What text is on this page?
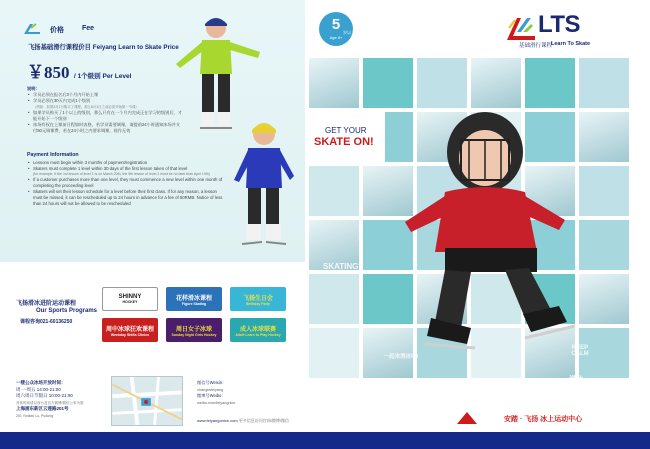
价格	Fee
飞扬基础滑行课程价目 Feiyang Learn to Skate Price
￥850 / 1个级别 Per Level
说明：
• 学员必须在报名后3个月内开始上课
• 学员必须在30天内完成1个级别
（例如：如果3月1日购买了课程，那么6月1日之前必须开始第一节课）
• 如果学员购买了1个以上的级别，那么只有在一个月内完成正在学习的级别后，才能开始下一个级别
• 冰场有权在上课前日程如时表格，若学员需要调课，请提前24小时通知冰场并支付50元调课费，若在24小时之内要求调课，视作无效
Payment Information
• Lessons must begin within 3 months of payment/registration
• Skaters must complete 1 level within 30 days of the first lesson taken of that level
(for example, if the 1st lesson of level 1 is on March 20th, the 5th lesson of level 1 must be no later than April 19th)
• If a customer purchases more than one level, they must commence a new level within one month of completing the proceeding level
• Skaters will set their lesson schedule for a level before their first class. If for any reason, a lesson must be missed, it can be rescheduled up to 24 hours in advance for a fee of 50RMB. Notice of less than 24 hours will not be allowed to be rescheduled
飞扬滑冰进阶运动课程
Our Sports Programs
课程咨询021-60136250
SHINNY
HOCKEY
花样滑冰课程
Figure Skating
飞扬生日会
Birthday Party
周中冰球狂欢课程
Weekday Shifts Clinics
周日女子冰球
Sunday Night Girls Hockey
成人冰球联赛
Adult Learn to Play Hockey
一楼公众冰场开放时间：
周一-周五 14:00-21:00
周六周日节假日 10:00-21:00
具体时间请以前台及官方微博/微信公布为准
上海浦东新区云莲路201号
201 Yunlian Lu, Pudong
微信号Weixin：
zhanglisfeiyang
微博号Weibo：
weibo.com/feiyangnice
www.feiyangonice.com 更多信息访问官网/微博/微信
5
Age 5+
岁以上	LTS
基础滑行课程
Learn To Skate
GET YOUR
SKATE ON!
SKATING
一起来滑冰吧!
KEEP CALM
滑冰
安踏 · 飞扬 冰上运动中心
